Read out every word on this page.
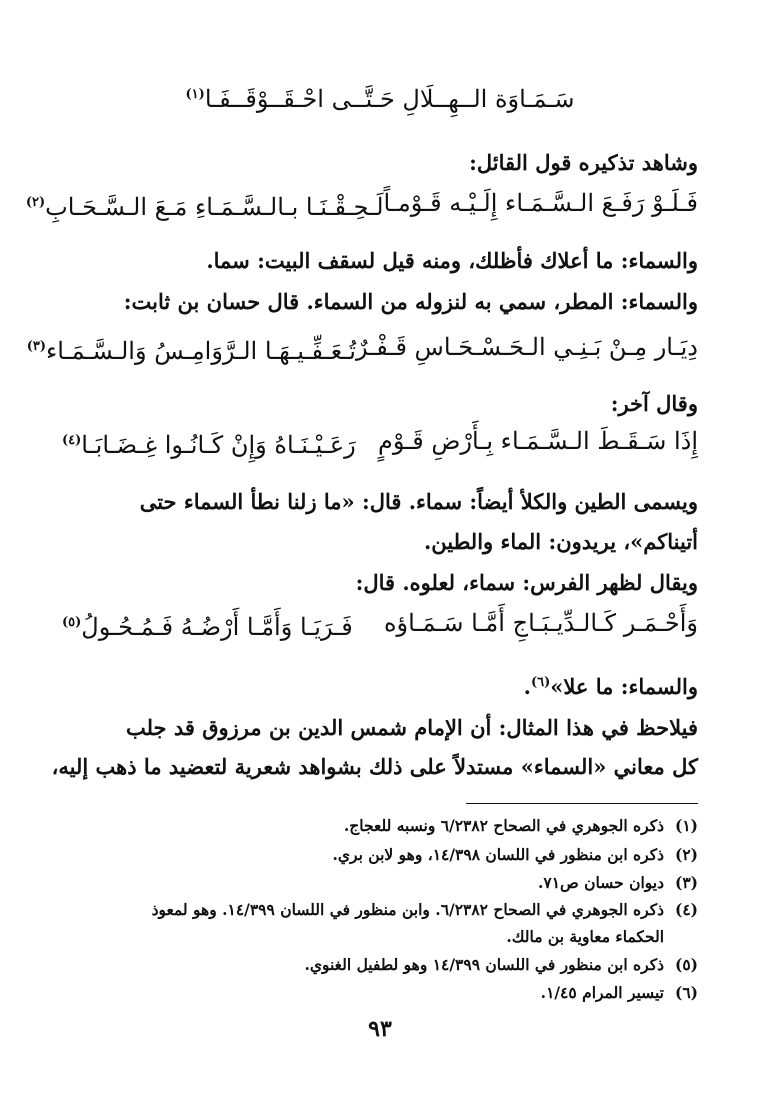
سَـمَـاوَة الــهِــلَالِ حَـتَّــى احْـقَــوْقَــفَـا$^{(١)}$
وشاهد تذكيره قول القائل:
فَـلَـوْ رَفَـعَ الـسَّـمَـاء إِلَـيْـه قَـوْمـاً
لَـحِـقْـنَـا بـالـسَّـمَـاءِ مَـعَ الـسَّـحَـابِ$^{(٢)}$
والسماء: ما أعلاك فأظلك، ومنه قيل لسقف البيت: سما.
والسماء: المطر، سمي به لنزوله من السماء. قال حسان بن ثابت:
دِيَـار مِـنْ بَـنِـي الـحَـسْـحَـاسِ قَـفْـرٌ
تُـعَـفِّـيـهَـا الـرَّوَامِـسُ وَالـسَّـمَـاء$^{(٣)}$
وقال آخر:
إِذَا سَـقَـطَ الـسَّـمَـاء بِـأَرْضِ قَـوْمٍ
رَعَـيْـنَـاهُ وَإِنْ كَـانُـوا غِـضَـابَـا$^{(٤)}$
ويسمى الطين والكلأ أيضاً: سماء. قال: «ما زلنا نطأ السماء حتى
أتيناكم»، يريدون: الماء والطين.
ويقال لظهر الفرس: سماء، لعلوه. قال:
وَأَحْـمَـر كَـالـدِّيـبَـاجِ أَمَّـا سَـمَـاؤه
فَـرَيَـا وَأَمَّـا أَرْضُـهُ فَـمُـحُـولُ$^{(٥)}$
والسماء: ما علا»$^{(٦)}$.
فيلاحظ في هذا المثال: أن الإمام شمس الدين بن مرزوق قد جلب
كل معاني «السماء» مستدلاً على ذلك بشواهد شعرية لتعضيد ما ذهب إليه،
(١)
ذكره الجوهري في الصحاح ٦/٢٣٨٢ ونسبه للعجاج.
(٢)
ذكره ابن منظور في اللسان ١٤/٣٩٨، وهو لابن بري.
(٣)
ديوان حسان ص٧١.
(٤)
ذكره الجوهري في الصحاح ٦/٢٣٨٢. وابن منظور في اللسان ١٤/٣٩٩. وهو لمعوذ
الحكماء معاوية بن مالك.
(٥)
ذكره ابن منظور في اللسان ١٤/٣٩٩ وهو لطفيل الغنوي.
(٦)
تيسير المرام ١/٤٥.
٩٣
